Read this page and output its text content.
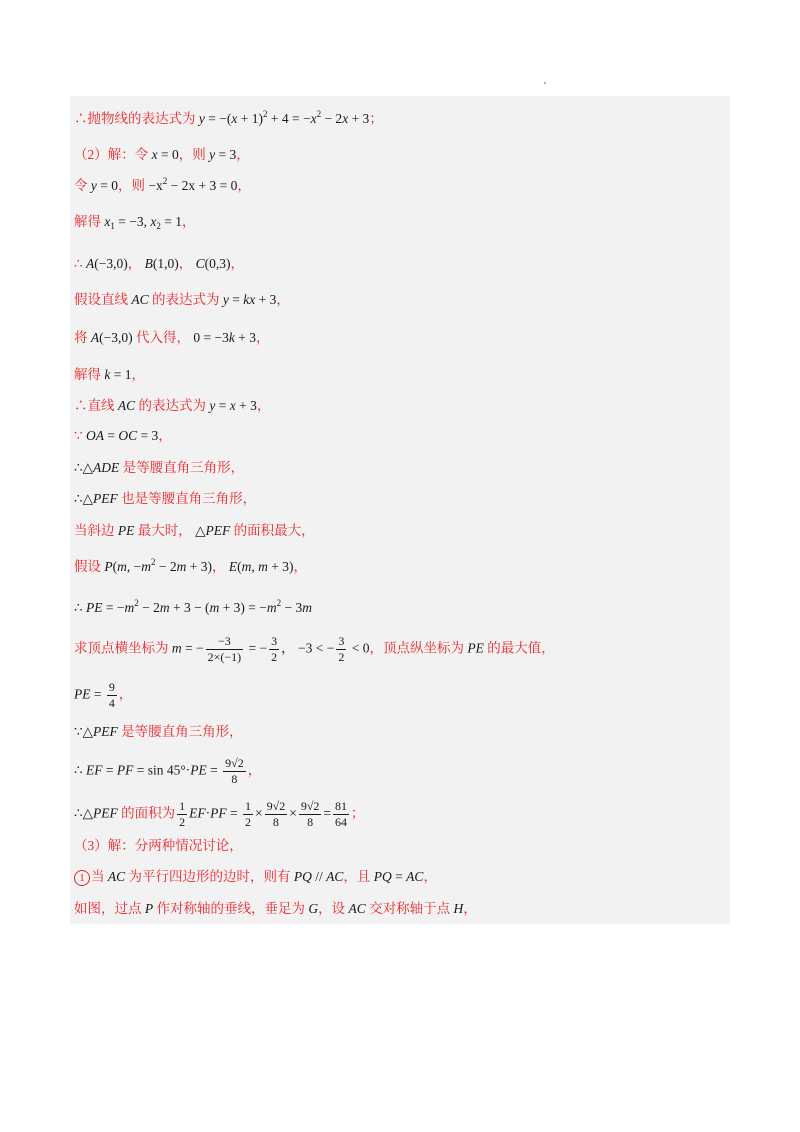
∴抛物线的表达式为 $y = -(x + 1)^2 + 4 = -x^2 - 2x + 3$；
（2）解：令 x = 0，则 y = 3，
令 y = 0，则 $-x^2 - 2x + 3 = 0$，
解得 $x_1 = -3$, $x_2 = 1$，
∴ A(−3,0)， B(1,0)， C(0,3)，
假设直线 AC 的表达式为 y = kx + 3，
将 A(−3,0) 代入得， 0 = −3k + 3，
解得 k = 1，
∴直线 AC 的表达式为 y = x + 3，
∵ OA = OC = 3，
∴△ADE 是等腰直角三角形，
∴△PEF 也是等腰直角三角形，
当斜边 PE 最大时， △PEF 的面积最大，
假设 P(m, $-m^2 - 2m + 3$)， E(m, m + 3)，
∴ PE = $-m^2 - 2m + 3 - (m + 3) = -m^2 - 3m$
求顶点横坐标为 m = − $\frac{-3}{2\times(-1)}$ = − $\frac{3}{2}$ ， −3 < − $\frac{3}{2} < 0$，顶点纵坐标为 PE 的最大值，
PE = $\frac{9}{4}$ ，
∵△PEF 是等腰直角三角形，
∴ EF = PF = $\sin 45^\circ\cdot PE = \frac{9√2}{8}$ ，
∴△PEF 的面积为 $\frac{1}{2} EF\cdot PF = \frac{1}{2} \times \frac{9√2}{8} \times \frac{9√2}{8} = \frac{81}{64}$ ；
（3）解：分两种情况讨论，
1 当 AC 为平行四边形的边时，则有 PQ // AC，且 PQ = AC，
如图，过点 P 作对称轴的垂线，垂足为 G，设 AC 交对称轴于点 H，
